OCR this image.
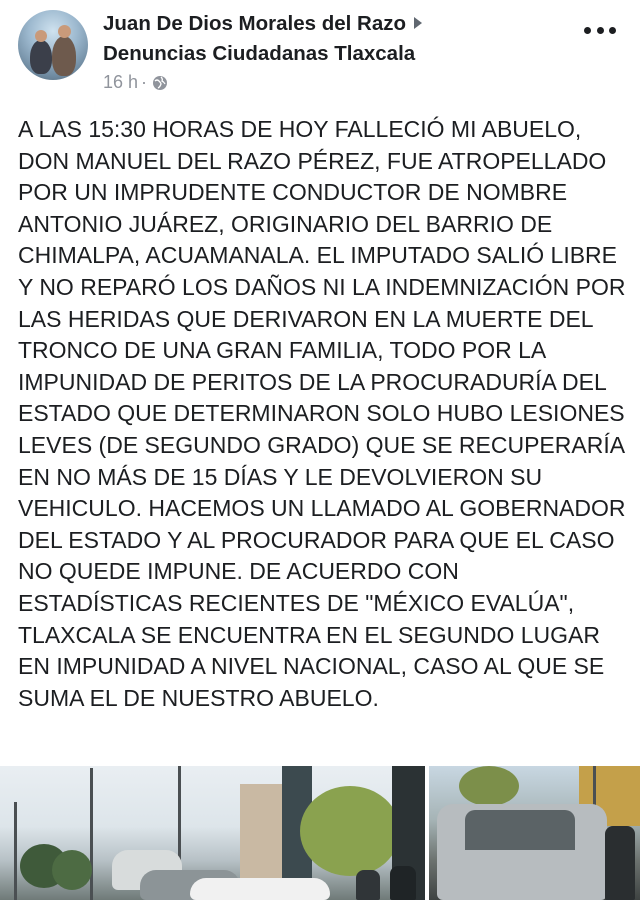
Juan De Dios Morales del Razo
Denuncias Ciudadanas Tlaxcala
16 h ·

A LAS 15:30 HORAS DE HOY FALLECIÓ MI ABUELO, DON MANUEL DEL RAZO PÉREZ, FUE ATROPELLADO POR UN IMPRUDENTE CONDUCTOR DE NOMBRE ANTONIO JUÁREZ, ORIGINARIO DEL BARRIO DE CHIMALPA, ACUAMANALA. EL IMPUTADO SALIÓ LIBRE Y NO REPARÓ LOS DAÑOS NI LA INDEMNIZACIÓN POR LAS HERIDAS QUE DERIVARON EN LA MUERTE DEL TRONCO DE UNA GRAN FAMILIA, TODO POR LA IMPUNIDAD DE PERITOS DE LA PROCURADURÍA DEL ESTADO QUE DETERMINARON SOLO HUBO LESIONES LEVES (DE SEGUNDO GRADO) QUE SE RECUPERARÍA EN NO MÁS DE 15 DÍAS Y LE DEVOLVIERON SU VEHICULO. HACEMOS UN LLAMADO AL GOBERNADOR DEL ESTADO Y AL PROCURADOR PARA QUE EL CASO NO QUEDE IMPUNE. DE ACUERDO CON ESTADÍSTICAS RECIENTES DE "MÉXICO EVALÚA", TLAXCALA SE ENCUENTRA EN EL SEGUNDO LUGAR EN IMPUNIDAD A NIVEL NACIONAL, CASO AL QUE SE SUMA EL DE NUESTRO ABUELO.
